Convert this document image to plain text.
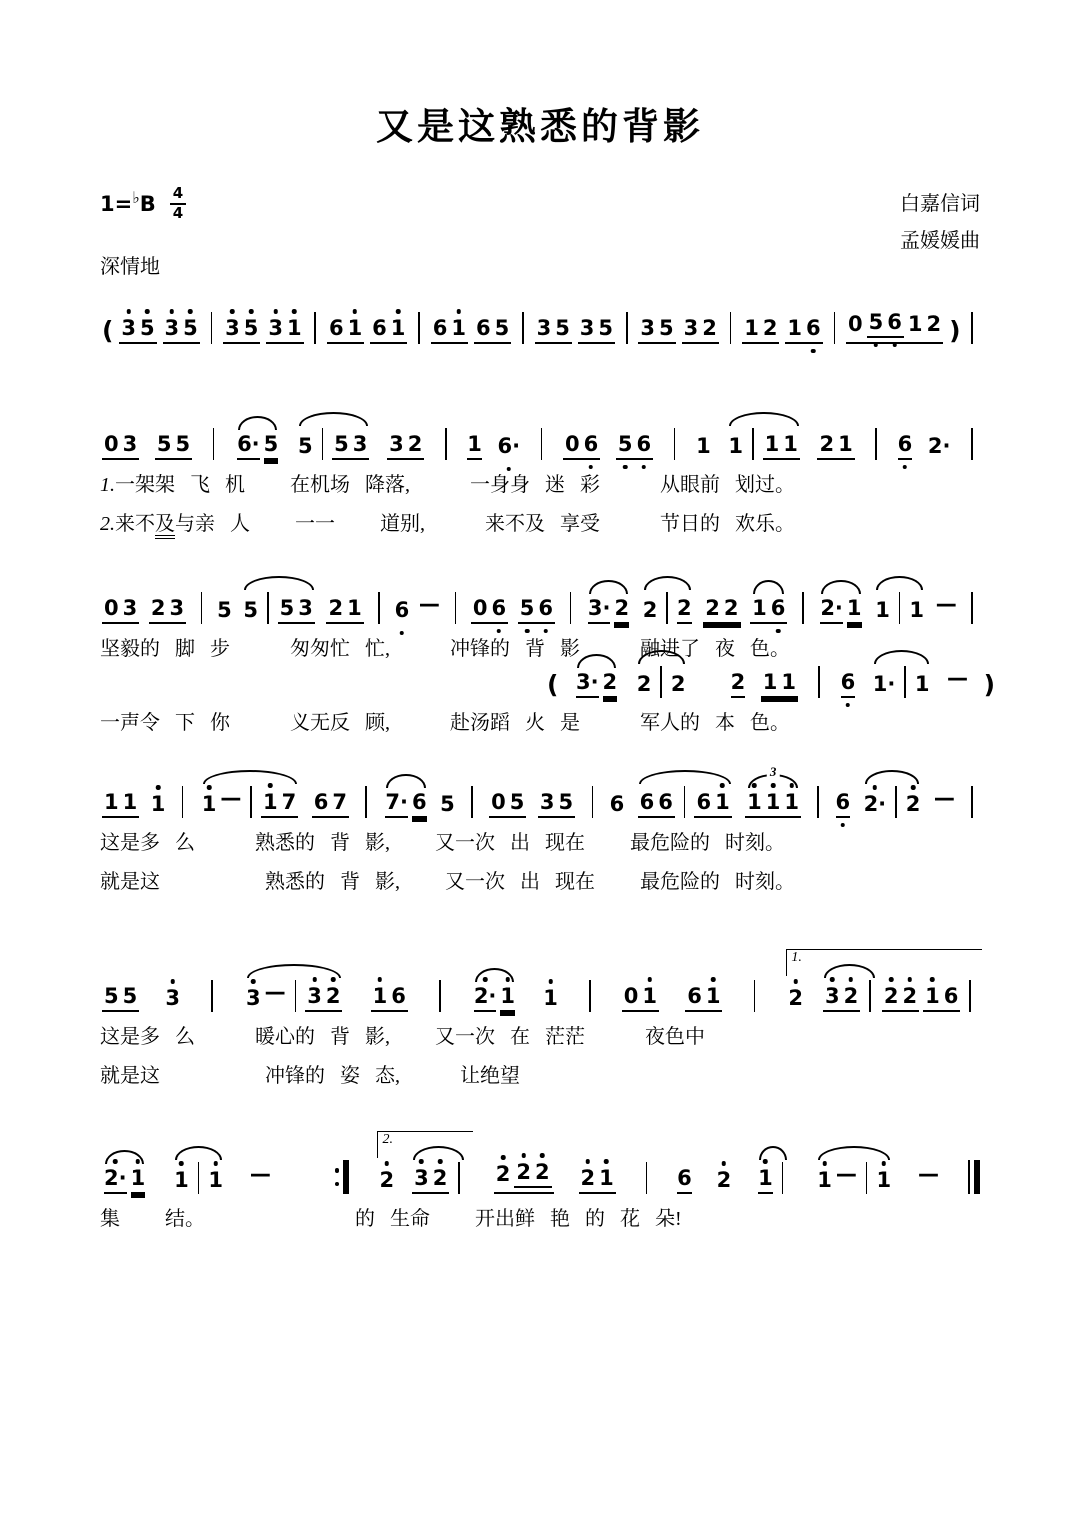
又是这熟悉的背影
1= ♭ B 4
4	白嘉信词
孟媛媛曲
深情地
( 3 5 3 5 3 5 3 1 6 1 6 1 6 1 6 5 3 5 3 5 3 5 3 2 1 2 1 6 0 5 6 1 2 )
0 3 5 5 6· 5 5 5 3 3 2 1 6· 0 6 5 6 1 1 1 1 2 1 6 2·
1.一架架 飞 机   在机场 降落,    一身身 迷 彩    从眼前 划过。
2.来不及与亲 人   一一   道别,    来不及 享受    节日的 欢乐。
0 3 2 3 5 5 5 3 2 1 6 — 0 6 5 6 3· 2 2 2 2 2 1 6 2· 1 1 1 —
坚毅的 脚 步    匆匆忙 忙,    冲锋的 背 影    融进了 夜 色。
( 3· 2 2 2 2 1 1 6 1· 1 — )
一声令 下 你    义无反 顾,    赴汤蹈 火 是    军人的 本 色。
1 1 1 1 — 1 7 6 7 7· 6 5 0 5 3 5 6 6 6 6 1
3
1 1 1 6 2· 2 —
这是多 么    熟悉的 背 影,   又一次 出 现在   最危险的 时刻。
就是这       熟悉的 背 影,   又一次 出 现在   最危险的 时刻。
5 5 3	3 — 3 2 1 6	2· 1 1	0 1 6 1
1.
2 3 2 2 2 1 6
这是多 么    暖心的 背 影,   又一次 在 茫茫    夜色中
就是这       冲锋的 姿 态,    让绝望
2· 1 1 1 —
2.
2 3 2 2 2 2 2 1	6 2 1 1 — 1 —
集   结。          的 生命   开出鲜 艳 的 花 朵!
